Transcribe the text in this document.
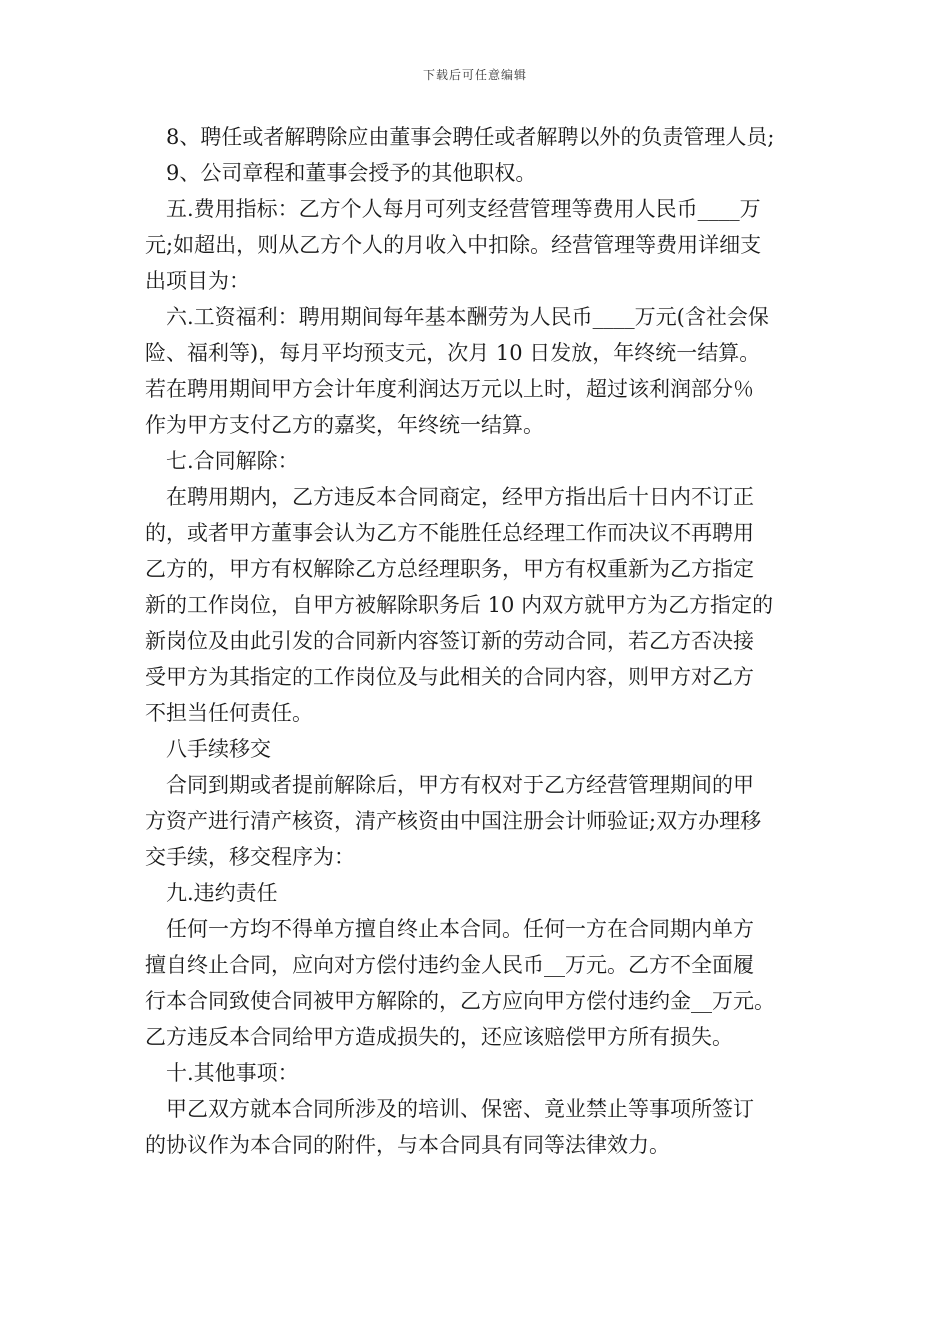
下载后可任意编辑
8、聘任或者解聘除应由董事会聘任或者解聘以外的负责管理人员;
9、公司章程和董事会授予的其他职权。
五.费用指标：乙方个人每月可列支经营管理等费用人民币____万
元;如超出，则从乙方个人的月收入中扣除。经营管理等费用详细支
出项目为：
六.工资福利：聘用期间每年基本酬劳为人民币____万元(含社会保
险、福利等)，每月平均预支元，次月 10 日发放，年终统一结算。
若在聘用期间甲方会计年度利润达万元以上时，超过该利润部分％
作为甲方支付乙方的嘉奖，年终统一结算。
七.合同解除：
在聘用期内，乙方违反本合同商定，经甲方指出后十日内不订正
的，或者甲方董事会认为乙方不能胜任总经理工作而决议不再聘用
乙方的，甲方有权解除乙方总经理职务，甲方有权重新为乙方指定
新的工作岗位，自甲方被解除职务后 10 内双方就甲方为乙方指定的
新岗位及由此引发的合同新内容签订新的劳动合同，若乙方否决接
受甲方为其指定的工作岗位及与此相关的合同内容，则甲方对乙方
不担当任何责任。
八手续移交
合同到期或者提前解除后，甲方有权对于乙方经营管理期间的甲
方资产进行清产核资，清产核资由中国注册会计师验证;双方办理移
交手续，移交程序为：
九.违约责任
任何一方均不得单方擅自终止本合同。任何一方在合同期内单方
擅自终止合同，应向对方偿付违约金人民币__万元。乙方不全面履
行本合同致使合同被甲方解除的，乙方应向甲方偿付违约金__万元。
乙方违反本合同给甲方造成损失的，还应该赔偿甲方所有损失。
十.其他事项：
甲乙双方就本合同所涉及的培训、保密、竟业禁止等事项所签订
的协议作为本合同的附件，与本合同具有同等法律效力。
